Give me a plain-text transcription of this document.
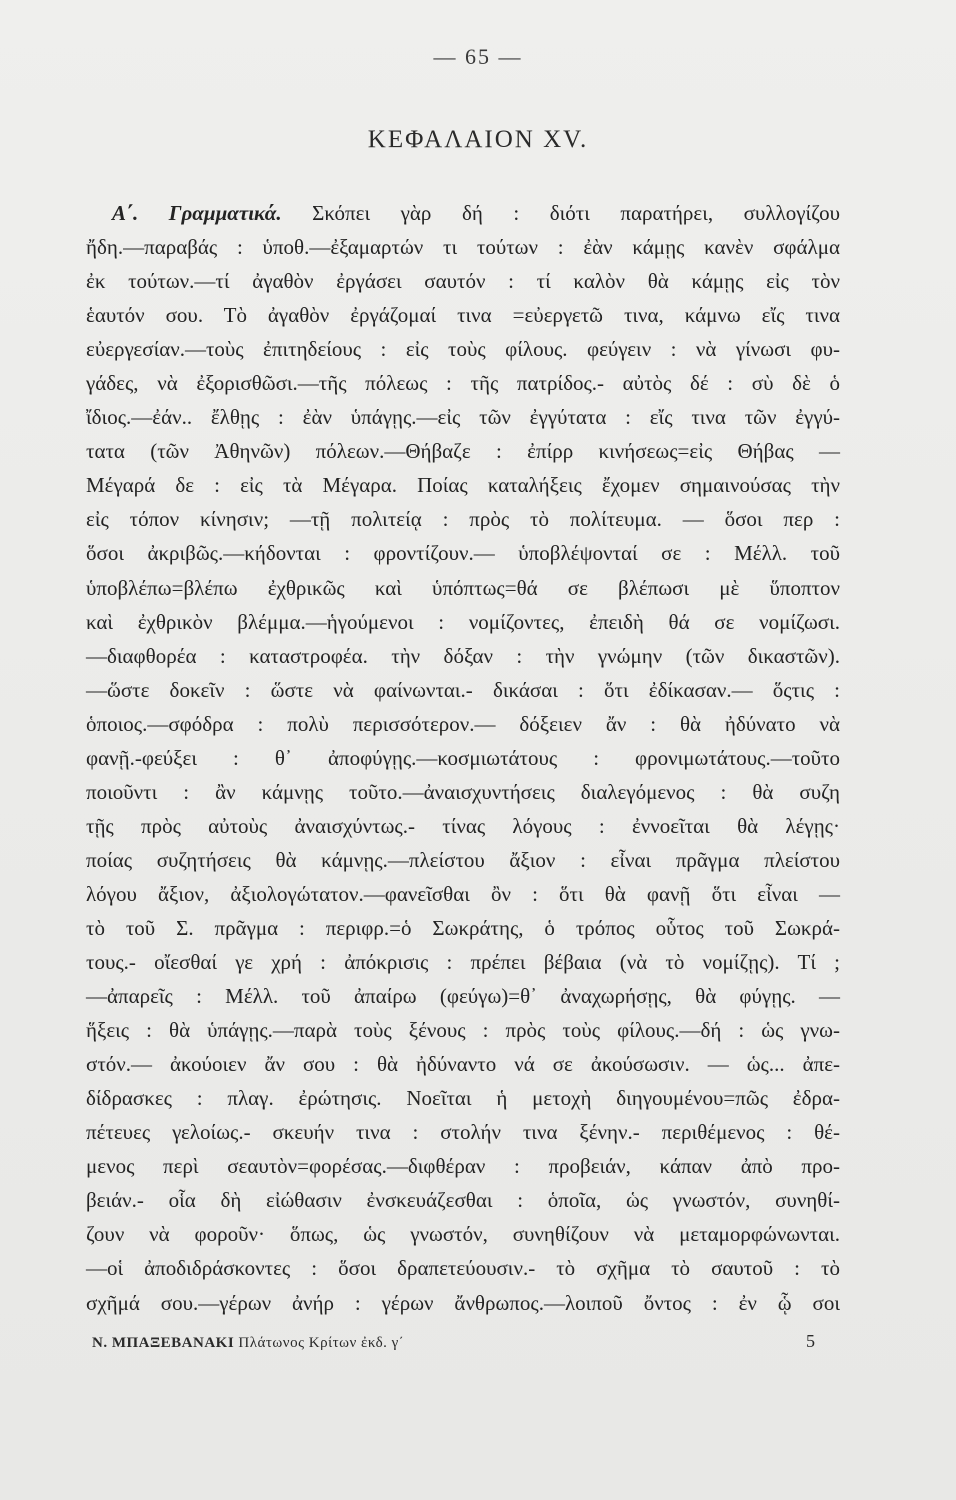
— 65 —
ΚΕΦΑΛΑΙΟΝ XV.
Α΄. Γραμματικά. Σκόπει γὰρ δή : διότι παρατήρει, συλλογίζου
ἤδη.—παραβάς : ὑποθ.—ἐξαμαρτών τι τούτων : ἐὰν κάμῃς κανὲν σφάλμα
ἐκ τούτων.—τί ἀγαθὸν ἐργάσει σαυτόν : τί καλὸν θὰ κάμῃς εἰς τὸν
ἑαυτόν σου. Τὸ ἀγαθὸν ἐργάζομαί τινα =εὐεργετῶ τινα, κάμνω εἴς τινα
εὐεργεσίαν.—τοὺς ἐπιτηδείους : εἰς τοὺς φίλους. φεύγειν : νὰ γίνωσι φυ-
γάδες, νὰ ἐξορισθῶσι.—τῆς πόλεως : τῆς πατρίδος.- αὐτὸς δέ : σὺ δὲ ὁ
ἴδιος.—ἐάν.. ἔλθῃς : ἐὰν ὑπάγῃς.—εἰς τῶν ἐγγύτατα : εἴς τινα τῶν ἐγγύ-
τατα (τῶν Ἀθηνῶν) πόλεων.—Θήβαζε : ἐπίρρ κινήσεως=εἰς Θήβας —
Μέγαρά δε : εἰς τὰ Μέγαρα. Ποίας καταλήξεις ἔχομεν σημαινούσας τὴν
εἰς τόπον κίνησιν; —τῇ πολιτείᾳ : πρὸς τὸ πολίτευμα. — ὅσοι περ :
ὅσοι ἀκριβῶς.—κήδονται : φροντίζουν.— ὑποβλέψονταί σε : Μέλλ. τοῦ
ὑποβλέπω=βλέπω ἐχθρικῶς καὶ ὑπόπτως=θά σε βλέπωσι μὲ ὕποπτον
καὶ ἐχθρικὸν βλέμμα.—ἡγούμενοι : νομίζοντες, ἐπειδὴ θά σε νομίζωσι.
—διαφθορέα : καταστροφέα. τὴν δόξαν : τὴν γνώμην (τῶν δικαστῶν).
—ὥστε δοκεῖν : ὥστε νὰ φαίνωνται.- δικάσαι : ὅτι ἐδίκασαν.— ὅςτις :
ὁποιος.—σφόδρα : πολὺ περισσότερον.— δόξειεν ἄν : θὰ ἠδύνατο νὰ
φανῇ.-φεύξει : θ᾽ ἀποφύγῃς.—κοσμιωτάτους : φρονιμωτάτους.—τοῦτο
ποιοῦντι : ἂν κάμνῃς τοῦτο.—ἀναισχυντήσεις διαλεγόμενος : θὰ συζη
τῇς πρὸς αὐτοὺς ἀναισχύντως.- τίνας λόγους : ἐννοεῖται θὰ λέγῃς·
ποίας συζητήσεις θὰ κάμνῃς.—πλείστου ἄξιον : εἶναι πρᾶγμα πλείστου
λόγου ἄξιον, ἀξιολογώτατον.—φανεῖσθαι ὂν : ὅτι θὰ φανῇ ὅτι εἶναι —
τὸ τοῦ Σ. πρᾶγμα : περιφρ.=ὁ Σωκράτης, ὁ τρόπος οὗτος τοῦ Σωκρά-
τους.- οἴεσθαί γε χρή : ἀπόκρισις : πρέπει βέβαια (νὰ τὸ νομίζῃς). Τί ;
—ἀπαρεῖς : Μέλλ. τοῦ ἀπαίρω (φεύγω)=θ᾽ ἀναχωρήσῃς, θὰ φύγῃς. —
ἥξεις : θὰ ὑπάγῃς.—παρὰ τοὺς ξένους : πρὸς τοὺς φίλους.—δή : ὡς γνω-
στόν.— ἀκούοιεν ἄν σου : θὰ ἠδύναντο νά σε ἀκούσωσιν. — ὡς... ἀπε-
δίδρασκες : πλαγ. ἐρώτησις. Νοεῖται ἡ μετοχὴ διηγουμένου=πῶς ἐδρα-
πέτευες γελοίως.- σκευήν τινα : στολήν τινα ξένην.- περιθέμενος : θέ-
μενος περὶ σεαυτὸν=φορέσας.—διφθέραν : προβειάν, κάπαν ἀπὸ προ-
βειάν.- οἷα δὴ εἰώθασιν ἐνσκευάζεσθαι : ὁποῖα, ὡς γνωστόν, συνηθί-
ζουν νὰ φοροῦν· ὅπως, ὡς γνωστόν, συνηθίζουν νὰ μεταμορφώνωνται.
—οἱ ἀποδιδράσκοντες : ὅσοι δραπετεύουσιν.- τὸ σχῆμα τὸ σαυτοῦ : τὸ
σχῆμά σου.—γέρων ἀνήρ : γέρων ἄνθρωπος.—λοιποῦ ὄντος : ἐν ᾧ σοι
Ν. ΜΠΑΞΕΒΑΝΑΚΙ Πλάτωνος Κρίτων ἐκδ. γ΄	5
